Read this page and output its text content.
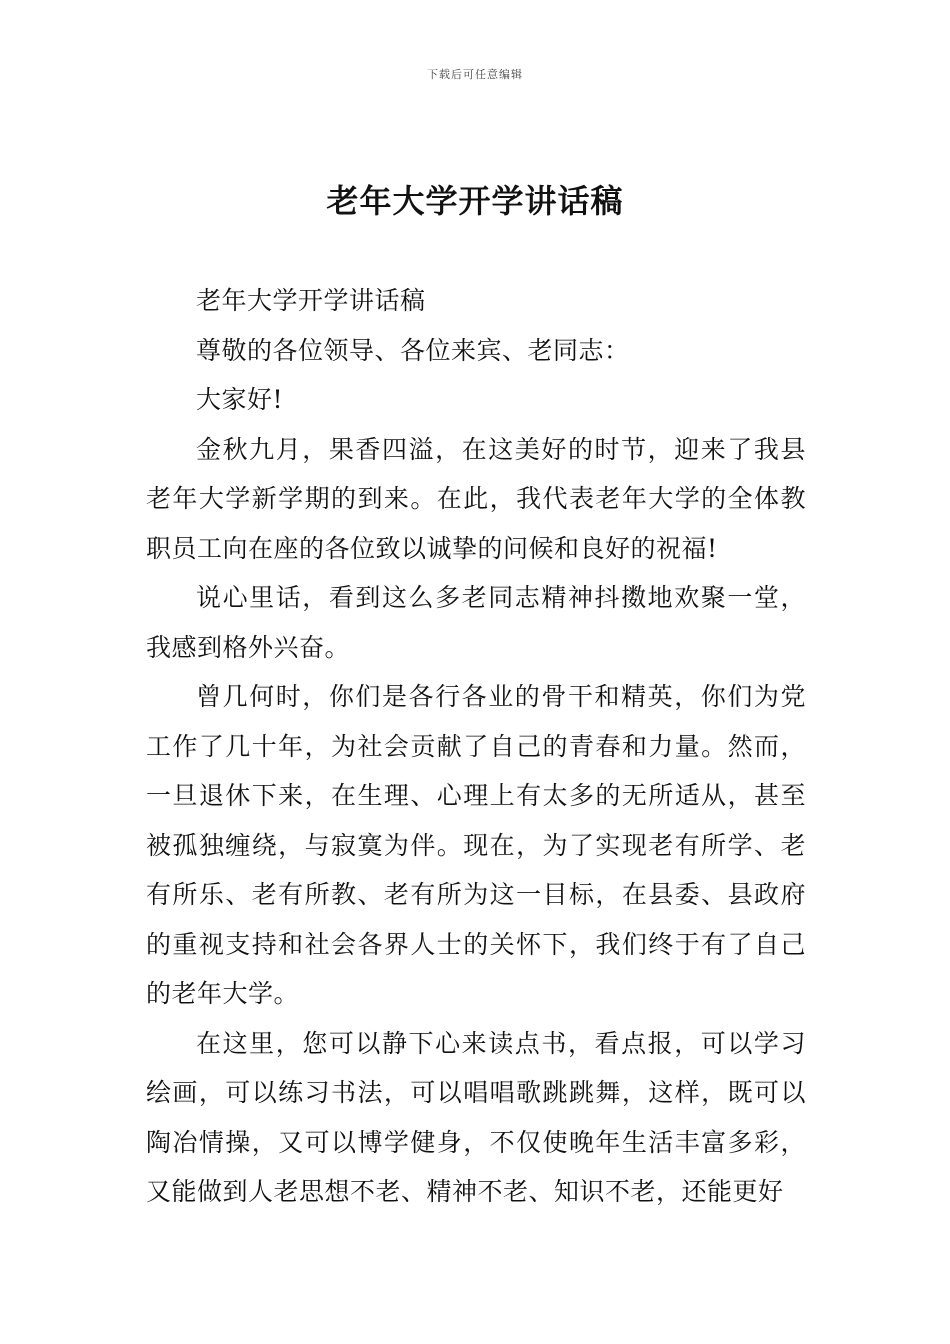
下载后可任意编辑
老年大学开学讲话稿

老年大学开学讲话稿

尊敬的各位领导、各位来宾、老同志：

大家好!

金秋九月，果香四溢，在这美好的时节，迎来了我县老年大学新学期的到来。在此，我代表老年大学的全体教职员工向在座的各位致以诚挚的问候和良好的祝福!

说心里话，看到这么多老同志精神抖擞地欢聚一堂，我感到格外兴奋。

曾几何时，你们是各行各业的骨干和精英，你们为党工作了几十年，为社会贡献了自己的青春和力量。然而，一旦退休下来，在生理、心理上有太多的无所适从，甚至被孤独缠绕，与寂寞为伴。现在，为了实现老有所学、老有所乐、老有所教、老有所为这一目标，在县委、县政府的重视支持和社会各界人士的关怀下，我们终于有了自己的老年大学。

在这里，您可以静下心来读点书，看点报，可以学习绘画，可以练习书法，可以唱唱歌跳跳舞，这样，既可以陶冶情操，又可以博学健身，不仅使晚年生活丰富多彩，又能做到人老思想不老、精神不老、知识不老，还能更好
